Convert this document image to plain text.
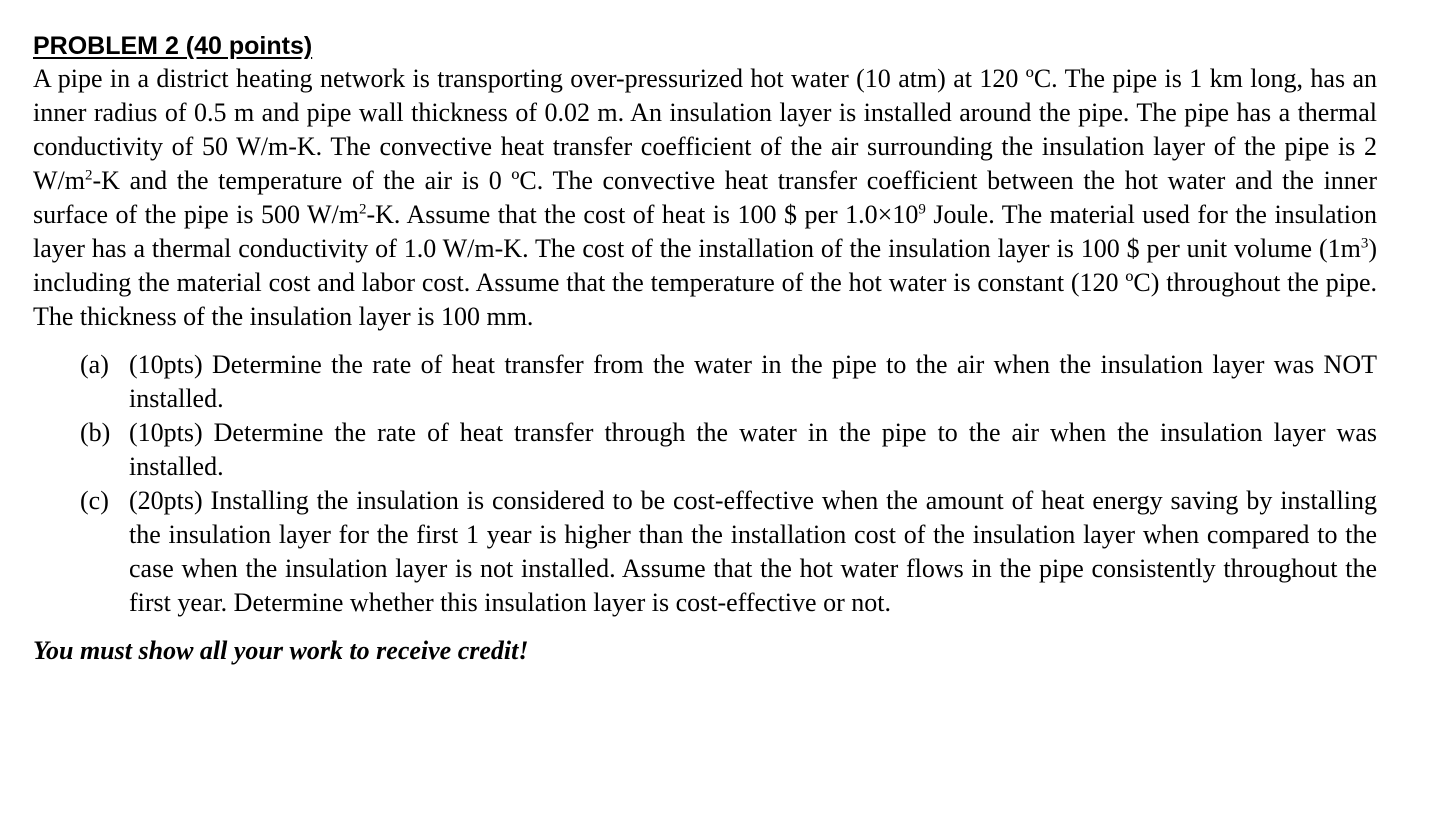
PROBLEM 2 (40 points)

A pipe in a district heating network is transporting over-pressurized hot water (10 atm) at 120 ºC. The pipe is 1 km long, has an inner radius of 0.5 m and pipe wall thickness of 0.02 m. An insulation layer is installed around the pipe. The pipe has a thermal conductivity of 50 W/m-K. The convective heat transfer coefficient of the air surrounding the insulation layer of the pipe is 2 $W/m^2-K$ and the temperature of the air is 0 ºC. The convective heat transfer coefficient between the hot water and the inner surface of the pipe is 500 $W/m^2-K$. Assume that the cost of heat is 100 $ per $1.0\times 10^9$ Joule. The material used for the insulation layer has a thermal conductivity of 1.0 W/m-K. The cost of the installation of the insulation layer is 100 $ per unit volume $(1m^3)$ including the material cost and labor cost. Assume that the temperature of the hot water is constant (120 ºC) throughout the pipe. The thickness of the insulation layer is 100 mm.

(a) (10pts) Determine the rate of heat transfer from the water in the pipe to the air when the insulation layer was NOT installed.
(b) (10pts) Determine the rate of heat transfer through the water in the pipe to the air when the insulation layer was installed.
(c) (20pts) Installing the insulation is considered to be cost-effective when the amount of heat energy saving by installing the insulation layer for the first 1 year is higher than the installation cost of the insulation layer when compared to the case when the insulation layer is not installed. Assume that the hot water flows in the pipe consistently throughout the first year. Determine whether this insulation layer is cost-effective or not.

You must show all your work to receive credit!
